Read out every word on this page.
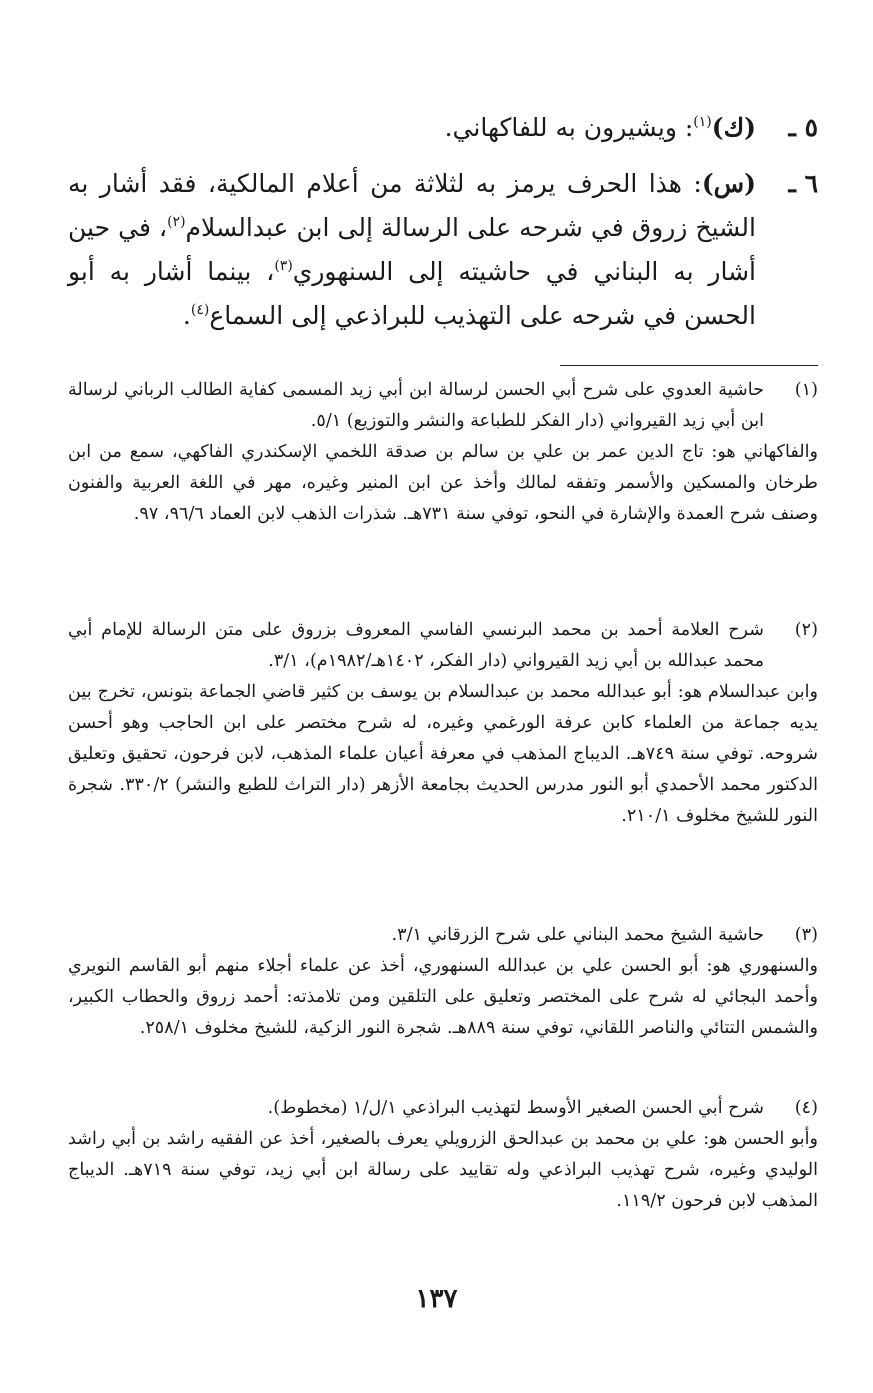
٥ ـ
(ك)$^{(١)}$: ويشيرون به للفاكهاني.
٦ ـ
(س): هذا الحرف يرمز به لثلاثة من أعلام المالكية، فقد أشار به الشيخ زروق في شرحه على الرسالة إلى ابن عبدالسلام$^{(٢)}$، في حين أشار به البناني في حاشيته إلى السنهوري$^{(٣)}$، بينما أشار به أبو الحسن في شرحه على التهذيب للبراذعي إلى السماع$^{(٤)}$.
(١)
حاشية العدوي على شرح أبي الحسن لرسالة ابن أبي زيد المسمى كفاية الطالب الرباني لرسالة ابن أبي زيد القيرواني (دار الفكر للطباعة والنشر والتوزيع) ٥/١.
والفاكهاني هو: تاج الدين عمر بن علي بن سالم بن صدقة اللخمي الإسكندري الفاكهي، سمع من ابن طرخان والمسكين والأسمر وتفقه لمالك وأخذ عن ابن المنير وغيره، مهر في اللغة العربية والفنون وصنف شرح العمدة والإشارة في النحو، توفي سنة ٧٣١هـ. شذرات الذهب لابن العماد ٩٦/٦، ٩٧.
(٢)
شرح العلامة أحمد بن محمد البرنسي الفاسي المعروف بزروق على متن الرسالة للإمام أبي محمد عبدالله بن أبي زيد القيرواني (دار الفكر، ١٤٠٢هـ/١٩٨٢م)، ٣/١.
وابن عبدالسلام هو: أبو عبدالله محمد بن عبدالسلام بن يوسف بن كثير قاضي الجماعة بتونس، تخرج بين يديه جماعة من العلماء كابن عرفة الورغمي وغيره، له شرح مختصر على ابن الحاجب وهو أحسن شروحه. توفي سنة ٧٤٩هـ. الديباج المذهب في معرفة أعيان علماء المذهب، لابن فرحون، تحقيق وتعليق الدكتور محمد الأحمدي أبو النور مدرس الحديث بجامعة الأزهر (دار التراث للطبع والنشر) ٣٣٠/٢. شجرة النور للشيخ مخلوف ٢١٠/١.
(٣)
حاشية الشيخ محمد البناني على شرح الزرقاني ٣/١.
والسنهوري هو: أبو الحسن علي بن عبدالله السنهوري، أخذ عن علماء أجلاء منهم أبو القاسم النويري وأحمد البجائي له شرح على المختصر وتعليق على التلقين ومن تلامذته: أحمد زروق والحطاب الكبير، والشمس التتائي والناصر اللقاني، توفي سنة ٨٨٩هـ. شجرة النور الزكية، للشيخ مخلوف ٢٥٨/١.
(٤)
شرح أبي الحسن الصغير الأوسط لتهذيب البراذعي ١/ل/١ (مخطوط).
وأبو الحسن هو: علي بن محمد بن عبدالحق الزرويلي يعرف بالصغير، أخذ عن الفقيه راشد بن أبي راشد الوليدي وغيره، شرح تهذيب البراذعي وله تقاييد على رسالة ابن أبي زيد، توفي سنة ٧١٩هـ. الديباج المذهب لابن فرحون ١١٩/٢.
١٣٧
